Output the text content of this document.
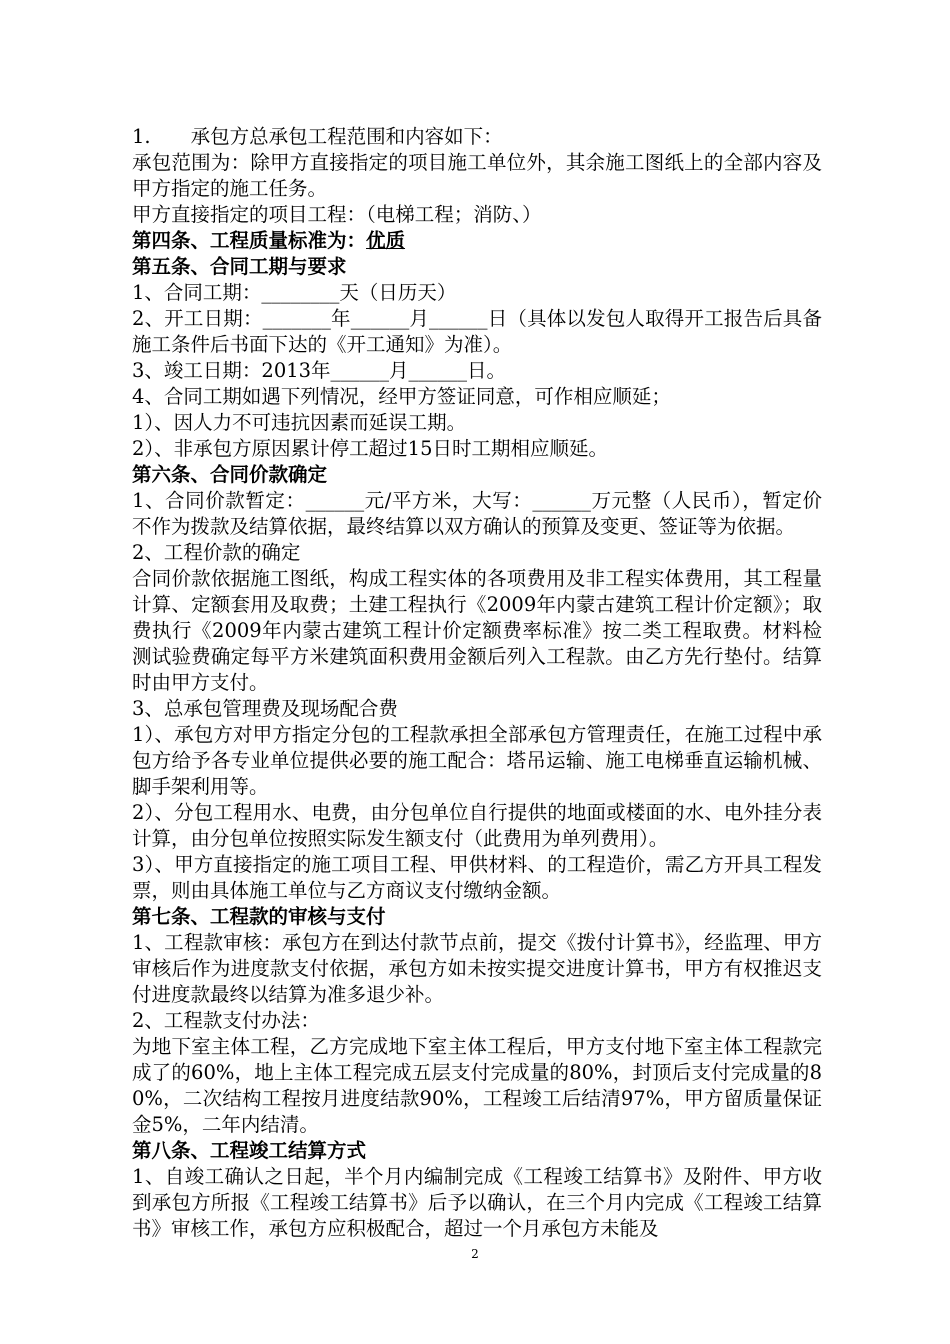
1. 承包方总承包工程范围和内容如下：

承包范围为：除甲方直接指定的项目施工单位外，其余施工图纸上的全部内容及甲方指定的施工任务。

甲方直接指定的项目工程：（电梯工程；消防、）

第四条、工程质量标准为：优质

第五条、合同工期与要求

1、合同工期：________天（日历天）

2、开工日期：_______年______月______日（具体以发包人取得开工报告后具备施工条件后书面下达的《开工通知》为准）。

3、竣工日期：2013年______月______日。

4、合同工期如遇下列情况，经甲方签证同意，可作相应顺延；

1）、因人力不可违抗因素而延误工期。

2）、非承包方原因累计停工超过15日时工期相应顺延。

第六条、合同价款确定

1、合同价款暂定：______元/平方米，大写：______万元整（人民币），暂定价不作为拨款及结算依据，最终结算以双方确认的预算及变更、签证等为依据。

2、工程价款的确定

合同价款依据施工图纸，构成工程实体的各项费用及非工程实体费用，其工程量计算、定额套用及取费；土建工程执行《2009年内蒙古建筑工程计价定额》；取费执行《2009年内蒙古建筑工程计价定额费率标准》按二类工程取费。材料检测试验费确定每平方米建筑面积费用金额后列入工程款。由乙方先行垫付。结算时由甲方支付。

3、总承包管理费及现场配合费

1）、承包方对甲方指定分包的工程款承担全部承包方管理责任，在施工过程中承包方给予各专业单位提供必要的施工配合：塔吊运输、施工电梯垂直运输机械、脚手架利用等。

2）、分包工程用水、电费，由分包单位自行提供的地面或楼面的水、电外挂分表计算，由分包单位按照实际发生额支付（此费用为单列费用）。

3）、甲方直接指定的施工项目工程、甲供材料、的工程造价，需乙方开具工程发票，则由具体施工单位与乙方商议支付缴纳金额。

第七条、工程款的审核与支付

1、工程款审核：承包方在到达付款节点前，提交《拨付计算书》，经监理、甲方审核后作为进度款支付依据，承包方如未按实提交进度计算书，甲方有权推迟支付进度款最终以结算为准多退少补。

2、工程款支付办法：

为地下室主体工程，乙方完成地下室主体工程后，甲方支付地下室主体工程款完成了的60%，地上主体工程完成五层支付完成量的80%，封顶后支付完成量的80%，二次结构工程按月进度结款90%，工程竣工后结清97%，甲方留质量保证金5%，二年内结清。

第八条、工程竣工结算方式

1、自竣工确认之日起，半个月内编制完成《工程竣工结算书》及附件、甲方收到承包方所报《工程竣工结算书》后予以确认，在三个月内完成《工程竣工结算书》审核工作，承包方应积极配合，超过一个月承包方未能及

2
